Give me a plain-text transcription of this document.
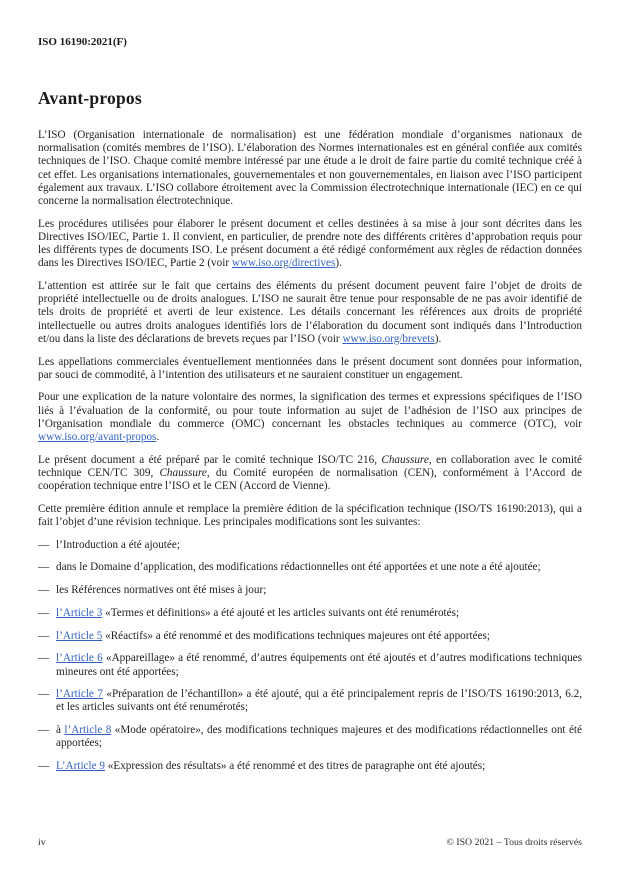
ISO 16190:2021(F)
Avant-propos

L’ISO (Organisation internationale de normalisation) est une fédération mondiale d’organismes nationaux de normalisation (comités membres de l’ISO). L’élaboration des Normes internationales est en général confiée aux comités techniques de l’ISO. Chaque comité membre intéressé par une étude a le droit de faire partie du comité technique créé à cet effet. Les organisations internationales, gouvernementales et non gouvernementales, en liaison avec l’ISO participent également aux travaux. L’ISO collabore étroitement avec la Commission électrotechnique internationale (IEC) en ce qui concerne la normalisation électrotechnique.

Les procédures utilisées pour élaborer le présent document et celles destinées à sa mise à jour sont décrites dans les Directives ISO/IEC, Partie 1. Il convient, en particulier, de prendre note des différents critères d’approbation requis pour les différents types de documents ISO. Le présent document a été rédigé conformément aux règles de rédaction données dans les Directives ISO/IEC, Partie 2 (voir www.iso.org/directives).

L’attention est attirée sur le fait que certains des éléments du présent document peuvent faire l’objet de droits de propriété intellectuelle ou de droits analogues. L’ISO ne saurait être tenue pour responsable de ne pas avoir identifié de tels droits de propriété et averti de leur existence. Les détails concernant les références aux droits de propriété intellectuelle ou autres droits analogues identifiés lors de l’élaboration du document sont indiqués dans l’Introduction et/ou dans la liste des déclarations de brevets reçues par l’ISO (voir www.iso.org/brevets).

Les appellations commerciales éventuellement mentionnées dans le présent document sont données pour information, par souci de commodité, à l’intention des utilisateurs et ne sauraient constituer un engagement.

Pour une explication de la nature volontaire des normes, la signification des termes et expressions spécifiques de l’ISO liés à l’évaluation de la conformité, ou pour toute information au sujet de l’adhésion de l’ISO aux principes de l’Organisation mondiale du commerce (OMC) concernant les obstacles techniques au commerce (OTC), voir www.iso.org/avant-propos.

Le présent document a été préparé par le comité technique ISO/TC 216, Chaussure, en collaboration avec le comité technique CEN/TC 309, Chaussure, du Comité européen de normalisation (CEN), conformément à l’Accord de coopération technique entre l’ISO et le CEN (Accord de Vienne).

Cette première édition annule et remplace la première édition de la spécification technique (ISO/TS 16190:2013), qui a fait l’objet d’une révision technique. Les principales modifications sont les suivantes:

— l’Introduction a été ajoutée;
— dans le Domaine d’application, des modifications rédactionnelles ont été apportées et une note a été ajoutée;
— les Références normatives ont été mises à jour;
— l’Article 3 «Termes et définitions» a été ajouté et les articles suivants ont été renumérotés;
— l’Article 5 «Réactifs» a été renommé et des modifications techniques majeures ont été apportées;
— l’Article 6 «Appareillage» a été renommé, d’autres équipements ont été ajoutés et d’autres modifications techniques mineures ont été apportées;
— l’Article 7 «Préparation de l’échantillon» a été ajouté, qui a été principalement repris de l’ISO/TS 16190:2013, 6.2, et les articles suivants ont été renumérotés;
— à l’Article 8 «Mode opératoire», des modifications techniques majeures et des modifications rédactionnelles ont été apportées;
— L’Article 9 «Expression des résultats» a été renommé et des titres de paragraphe ont été ajoutés;
iv	© ISO 2021 – Tous droits réservés
